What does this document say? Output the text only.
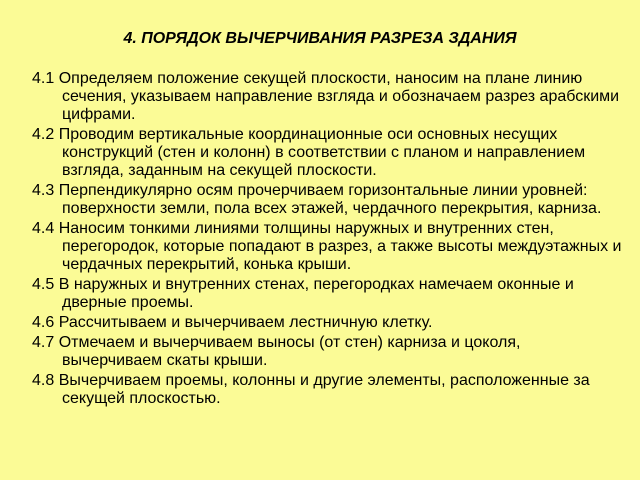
4. ПОРЯДОК ВЫЧЕРЧИВАНИЯ РАЗРЕЗА ЗДАНИЯ
4.1 Определяем положение секущей плоскости, наносим на плане линию сечения, указываем направление взгляда и обозначаем разрез арабскими цифрами.
4.2 Проводим вертикальные координационные оси основных несущих конструкций (стен и колонн) в соответствии с планом и направлением взгляда, заданным на секущей плоскости.
4.3 Перпендикулярно осям прочерчиваем горизонтальные линии уровней: поверхности земли, пола всех этажей, чердачного перекрытия, карниза.
4.4 Наносим тонкими линиями толщины наружных и внутренних стен, перегородок, которые попадают в разрез, а также высоты междуэтажных и чердачных перекрытий, конька крыши.
4.5 В наружных и внутренних стенах, перегородках намечаем оконные и дверные проемы.
4.6 Рассчитываем и вычерчиваем лестничную клетку.
4.7 Отмечаем и вычерчиваем выносы (от стен) карниза и цоколя, вычерчиваем скаты крыши.
4.8 Вычерчиваем проемы, колонны и другие элементы, расположенные за секущей плоскостью.
